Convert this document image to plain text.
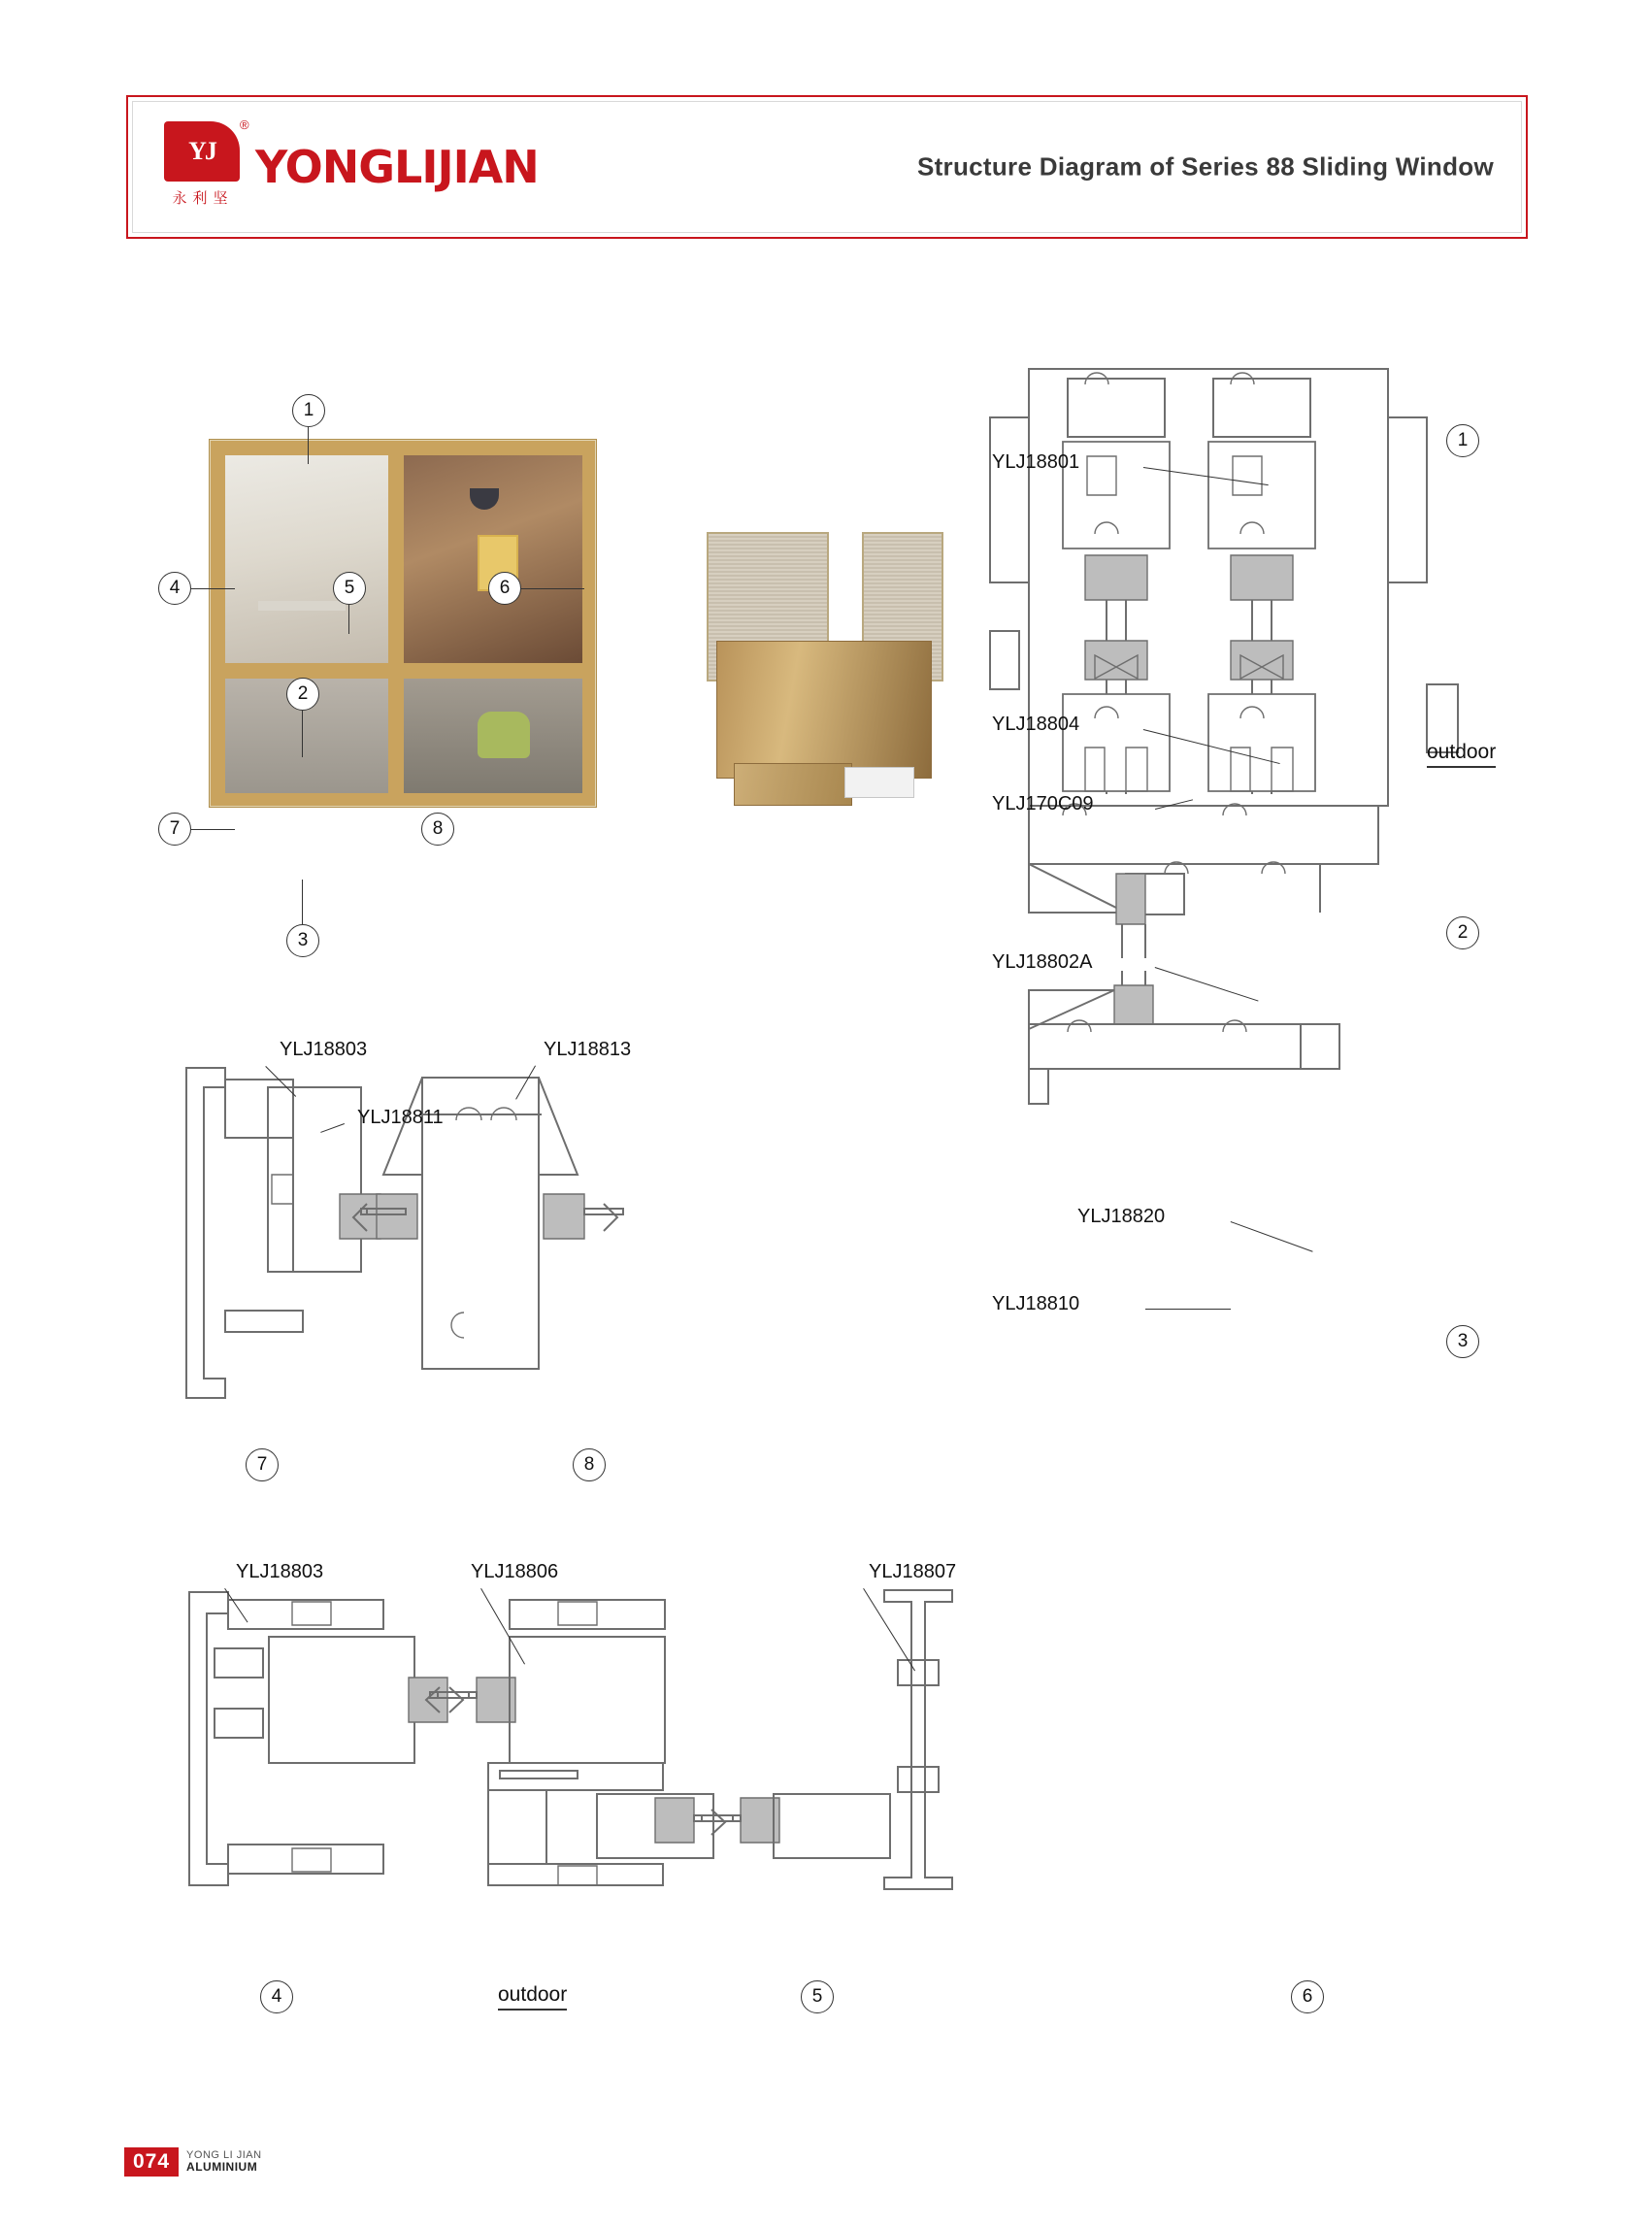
YJ
®
永利坚
YONGLIJIAN	Structure Diagram of Series 88 Sliding Window
1
4	5	6
2
7	8
3
YLJ18801
YLJ18804
YLJ170C09
YLJ18802A
YLJ18820
YLJ18810
1
2
3
outdoor
YLJ18803
YLJ18811
YLJ18813
7	8
YLJ18803	YLJ18806	YLJ18807
4	5	6
outdoor
074	YONG LI JIAN
ALUMINIUM
